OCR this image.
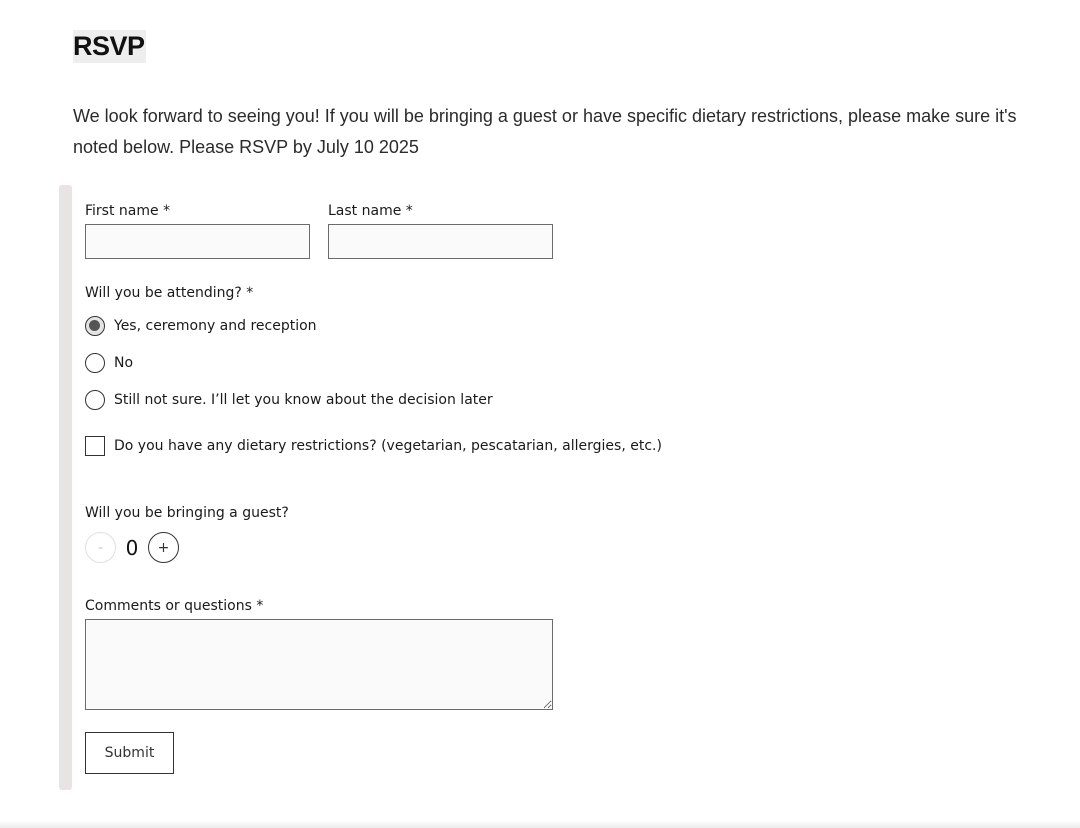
RSVP

We look forward to seeing you! If you will be bringing a guest or have specific dietary restrictions, please make sure it's noted below. Please RSVP by July 10 2025

First name *	Last name *
Will you be attending? *
Yes, ceremony and reception
No
Still not sure. I’ll let you know about the decision later
Do you have any dietary restrictions? (vegetarian, pescatarian, allergies, etc.)
Will you be bringing a guest?
-	0	+
Comments or questions *
Submit
